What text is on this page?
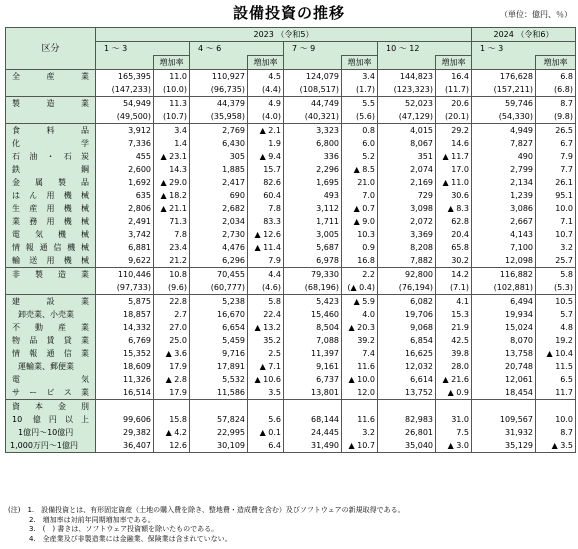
設備投資の推移	（単位：億円、％）
区分	2023 （令和5）								2024 （令和6）	
	1 ～ 3		4 ～ 6		7 ～ 9		10 ～ 12		1 ～ 3	
		増加率		増加率		増加率		増加率		増加率
全　産　業	165,395	11.0	110,927	4.5	124,079	3.4	144,823	16.4	176,628	6.8
	(147,233)	(10.0)	(96,735)	(4.4)	(108,517)	(1.7)	(123,323)	(11.7)	(157,211)	(6.8)
製　造　業	54,949	11.3	44,379	4.9	44,749	5.5	52,023	20.6	59,746	8.7
	(49,500)	(10.7)	(35,958)	(4.0)	(40,321)	(5.6)	(47,129)	(20.1)	(54,330)	(9.8)
食　料　品	3,912	3.4	2,769	▲ 2.1	3,323	0.8	4,015	29.2	4,949	26.5
化　　　学	7,336	1.4	6,430	1.9	6,800	6.0	8,067	14.6	7,827	6.7
石油・石炭	455	▲ 23.1	305	▲ 9.4	336	5.2	351	▲ 11.7	490	7.9
鉄　　　鋼	2,600	14.3	1,885	15.7	2,296	▲ 8.5	2,074	17.0	2,799	7.7
金属製品	1,692	▲ 29.0	2,417	82.6	1,695	21.0	2,169	▲ 11.0	2,134	26.1
はん用機械	635	▲ 18.2	690	60.4	493	7.0	729	30.6	1,239	95.1
生産用機械	2,806	▲ 21.1	2,682	7.8	3,112	▲ 0.7	3,098	▲ 8.3	3,086	10.0
業務用機械	2,491	71.3	2,034	83.3	1,711	▲ 9.0	2,072	62.8	2,667	7.1
電気機械	3,742	7.8	2,730	▲ 12.6	3,005	10.3	3,369	20.4	4,143	10.7
情報通信機械	6,881	23.4	4,476	▲ 11.4	5,687	0.9	8,208	65.8	7,100	3.2
輸送用機械	9,622	21.2	6,296	7.9	6,978	16.8	7,882	30.2	12,098	25.7
非　製　造　業	110,446	10.8	70,455	4.4	79,330	2.2	92,800	14.2	116,882	5.8
	(97,733)	(9.6)	(60,777)	(4.6)	(68,196)	(▲ 0.4)	(76,194)	(7.1)	(102,881)	(5.3)
建　設　業	5,875	22.8	5,238	5.8	5,423	▲ 5.9	6,082	4.1	6,494	10.5
卸売業、小売業	18,857	2.7	16,670	22.4	15,460	4.0	19,706	15.3	19,934	5.7
不　動　産　業	14,332	27.0	6,654	▲ 13.2	8,504	▲ 20.3	9,068	21.9	15,024	4.8
物品賃貸業	6,769	25.0	5,459	35.2	7,088	39.2	6,854	42.5	8,070	19.2
情報通信業	15,352	▲ 3.6	9,716	2.5	11,397	7.4	16,625	39.8	13,758	▲ 10.4
運輸業、郵便業	18,609	17.9	17,891	▲ 7.1	9,161	11.6	12,032	28.0	20,748	11.5
電　　　気	11,326	▲ 2.8	5,532	▲ 10.6	6,737	▲ 10.0	6,614	▲ 21.6	12,061	6.5
サービス業	16,514	17.9	11,586	3.5	13,801	12.0	13,752	▲ 0.9	18,454	11.7
資本金別										
10 億円以上	99,606	15.8	57,824	5.6	68,144	11.6	82,983	31.0	109,567	10.0
1億円～10億円	29,382	▲ 4.2	22,995	▲ 0.1	24,445	3.2	26,801	7.5	31,932	8.7
1,000万円～1億円	36,407	12.6	30,109	6.4	31,490	▲ 10.7	35,040	▲ 3.0	35,129	▲ 3.5
(注)　1.　設備投資とは、有形固定資産（土地の購入費を除き、整地費・造成費を含む）及びソフトウェアの新規取得である。
　　　2.　増加率は対前年同期増加率である。
　　　3.　(　) 書きは、ソフトウェア投資額を除いたものである。
　　　4.　全産業及び非製造業には金融業、保険業は含まれていない。
